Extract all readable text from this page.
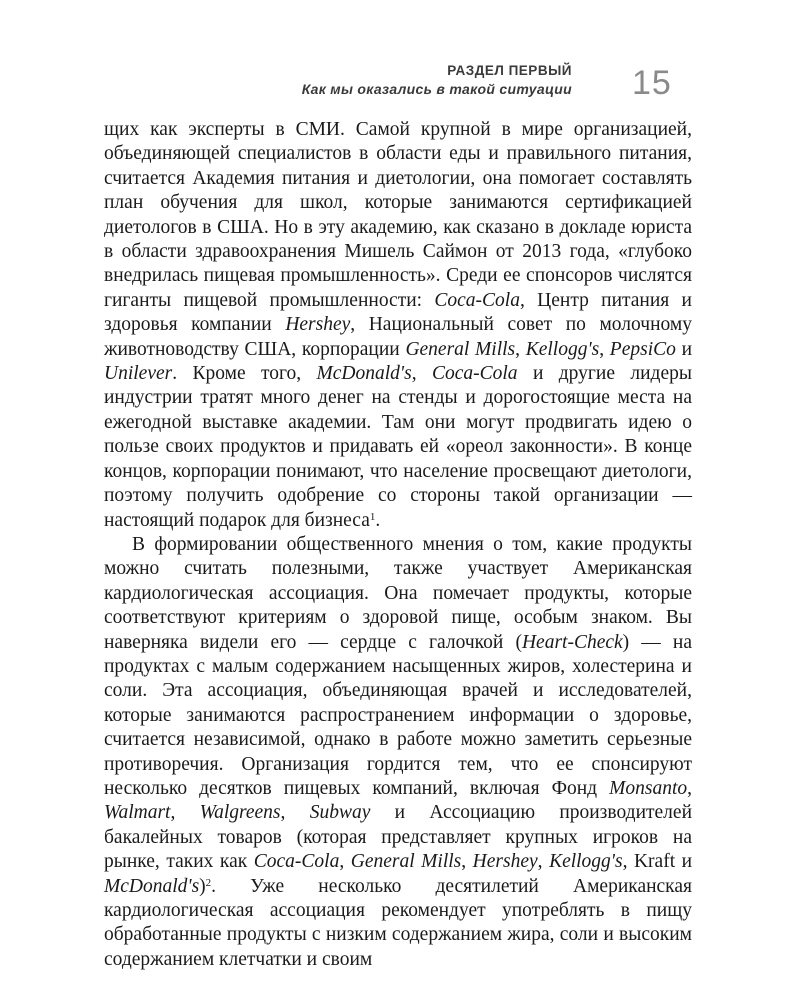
РАЗДЕЛ ПЕРВЫЙ
Как мы оказались в такой ситуации 15

щих как эксперты в СМИ. Самой крупной в мире организацией, объединяющей специалистов в области еды и правильного питания, считается Академия питания и диетологии, она помогает составлять план обучения для школ, которые занимаются сертификацией диетологов в США. Но в эту академию, как сказано в докладе юриста в области здравоохранения Мишель Саймон от 2013 года, «глубоко внедрилась пищевая промышленность». Среди ее спонсоров числятся гиганты пищевой промышленности: Coca-Cola, Центр питания и здоровья компании Hershey, Национальный совет по молочному животноводству США, корпорации General Mills, Kellogg's, PepsiCo и Unilever. Кроме того, McDonald's, Coca-Cola и другие лидеры индустрии тратят много денег на стенды и дорогостоящие места на ежегодной выставке академии. Там они могут продвигать идею о пользе своих продуктов и придавать ей «ореол законности». В конце концов, корпорации понимают, что население просвещают диетологи, поэтому получить одобрение со стороны такой организации — настоящий подарок для бизнеса$^1$.

В формировании общественного мнения о том, какие продукты можно считать полезными, также участвует Американская кардиологическая ассоциация. Она помечает продукты, которые соответствуют критериям о здоровой пище, особым знаком. Вы наверняка видели его — сердце с галочкой (Heart-Check) — на продуктах с малым содержанием насыщенных жиров, холестерина и соли. Эта ассоциация, объединяющая врачей и исследователей, которые занимаются распространением информации о здоровье, считается независимой, однако в работе можно заметить серьезные противоречия. Организация гордится тем, что ее спонсируют несколько десятков пищевых компаний, включая Фонд Monsanto, Walmart, Walgreens, Subway и Ассоциацию производителей бакалейных товаров (которая представляет крупных игроков на рынке, таких как Coca-Cola, General Mills, Hershey, Kellogg's, Kraft и McDonald's)$^2$. Уже несколько десятилетий Американская кардиологическая ассоциация рекомендует употреблять в пищу обработанные продукты с низким содержанием жира, соли и высоким содержанием клетчатки и своим
